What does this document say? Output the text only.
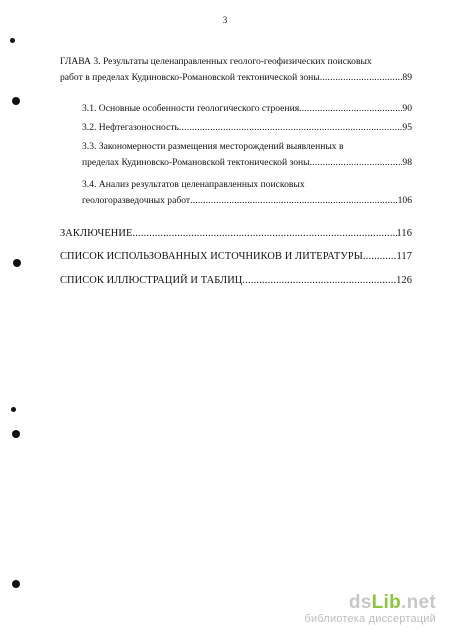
3
ГЛАВА 3. Результаты целенаправленных геолого-геофизических поисковых
работ в пределах Кудиновско-Романовской тектонической зоны .....	89
3.1. Основные особенности геологического строения .....	90
3.2. Нефтегазоносность .....	95
3.3. Закономерности размещения месторождений выявленных в
пределах Кудиновско-Романовской тектонической зоны .....	98
3.4. Анализ результатов целенаправленных поисковых
геологоразведочных работ .....	106
ЗАКЛЮЧЕНИЕ .....	116
СПИСОК ИСПОЛЬЗОВАННЫХ ИСТОЧНИКОВ И ЛИТЕРАТУРЫ .....	117
СПИСОК ИЛЛЮСТРАЦИЙ И ТАБЛИЦ .....	126
dsLib.net
библиотека диссертаций
